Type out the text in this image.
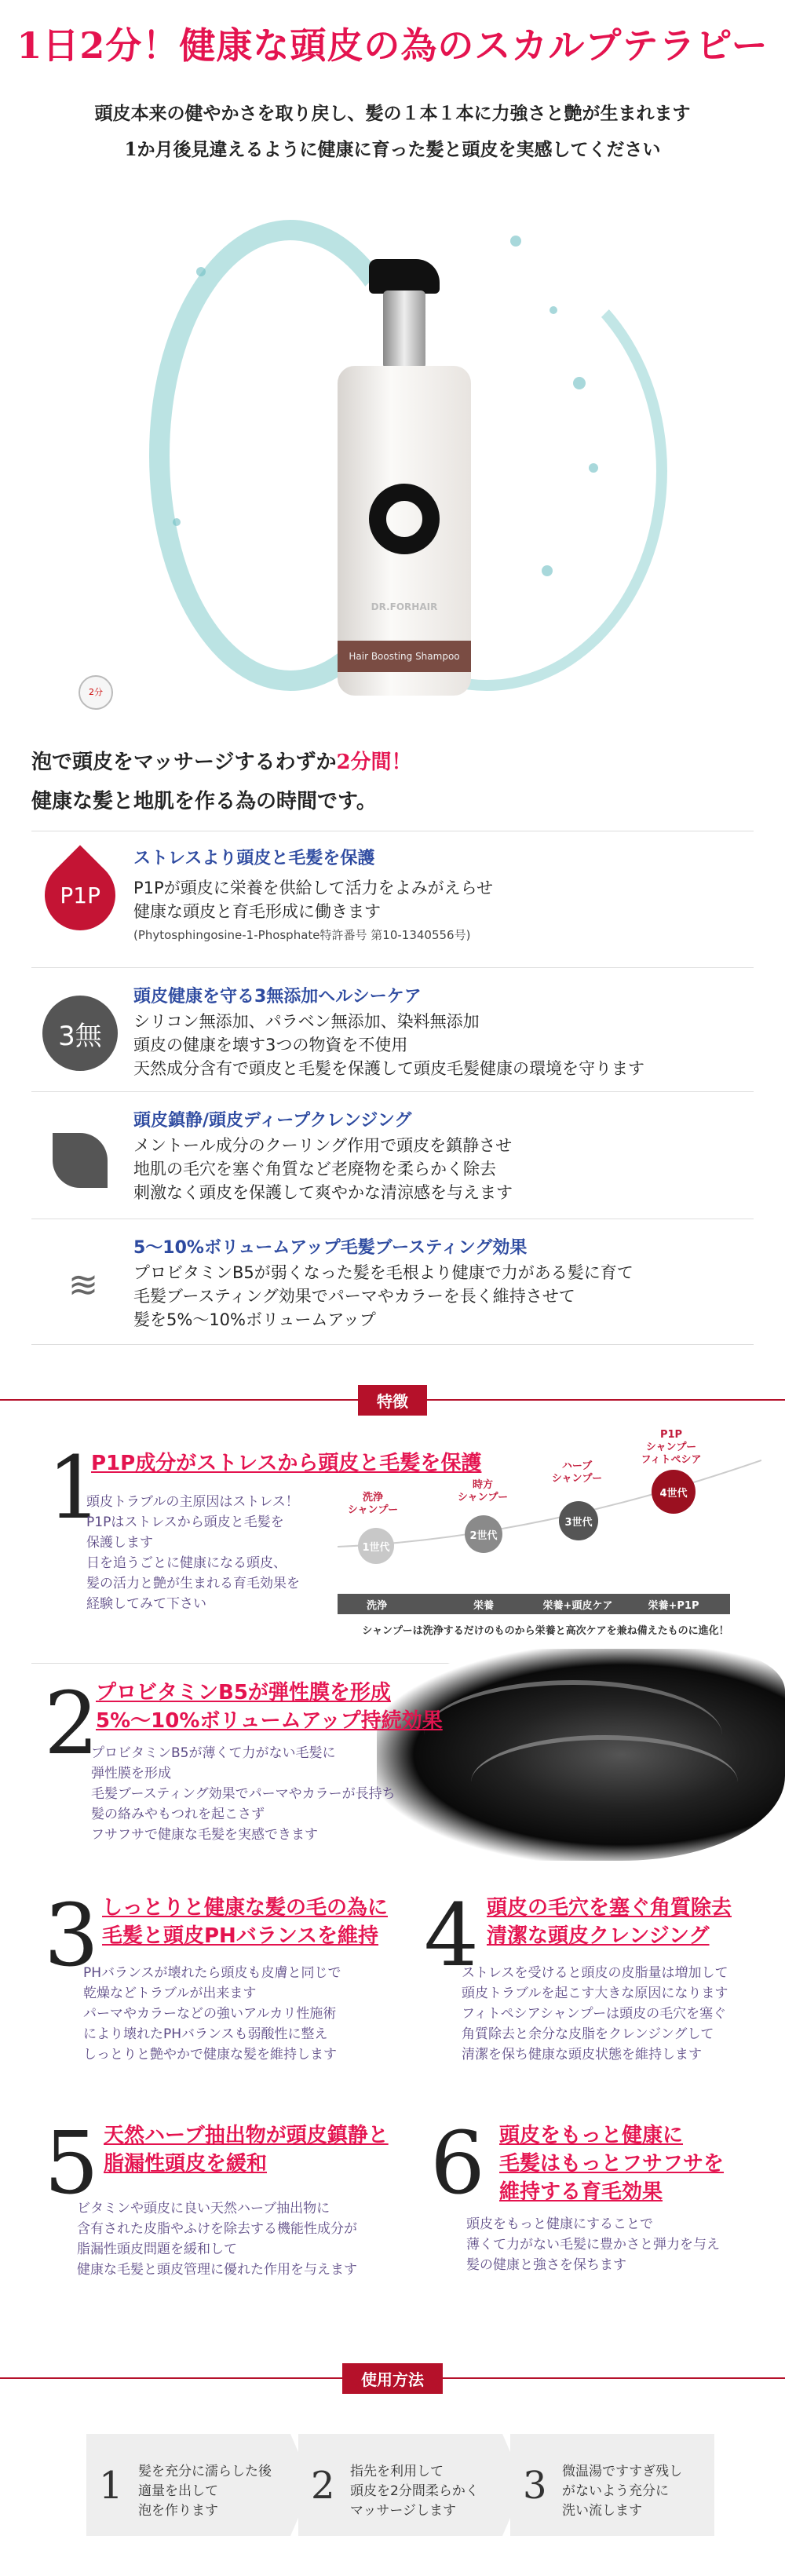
1日2分！健康な頭皮の為のスカルプテラピー
頭皮本来の健やかさを取り戻し、髪の１本１本に力強さと艶が生まれます
1か月後見違えるように健康に育った髪と頭皮を実感してください
DR.FORHAIR
Hair Boosting Shampoo
2分
泡で頭皮をマッサージするわずか2分間！
健康な髪と地肌を作る為の時間です。
P1P
ストレスより頭皮と毛髪を保護
P1Pが頭皮に栄養を供給して活力をよみがえらせ
健康な頭皮と育毛形成に働きます
(Phytosphingosine-1-Phosphate特許番号 第10-1340556号)
3無
頭皮健康を守る3無添加ヘルシーケア
シリコン無添加、パラベン無添加、染料無添加
頭皮の健康を壊す3つの物資を不使用
天然成分含有で頭皮と毛髪を保護して頭皮毛髪健康の環境を守ります
頭皮鎮静/頭皮ディープクレンジング
メントール成分のクーリング作用で頭皮を鎮静させ
地肌の毛穴を塞ぐ角質など老廃物を柔らかく除去
刺激なく頭皮を保護して爽やかな清涼感を与えます
≋
5～10%ボリュームアップ毛髪ブースティング効果
プロビタミンB5が弱くなった髪を毛根より健康で力がある髪に育て
毛髪ブースティング効果でパーマやカラーを長く維持させて
髪を5%～10%ボリュームアップ
特徴
1
P1P成分がストレスから頭皮と毛髪を保護
頭皮トラブルの主原因はストレス！
P1Pはストレスから頭皮と毛髪を
保護します
日を追うごとに健康になる頭皮、
髪の活力と艶が生まれる育毛効果を
経験してみて下さい
洗浄
シャンプー
1世代
時方
シャンプー
2世代
ハーブ
シャンプー
3世代
P1P
シャンプー
フィトペシア
4世代
洗浄	栄養	栄養+頭皮ケア	栄養+P1P
シャンプーは洗浄するだけのものから栄養と高次ケアを兼ね備えたものに進化！
2
プロビタミンB5が弾性膜を形成
5%～10%ボリュームアップ持続効果
プロビタミンB5が薄くて力がない毛髪に
弾性膜を形成
毛髪ブースティング効果でパーマやカラーが長持ち
髪の絡みやもつれを起こさず
フサフサで健康な毛髪を実感できます
3 しっとりと健康な髪の毛の為に
毛髪と頭皮PHバランスを維持
PHバランスが壊れたら頭皮も皮膚と同じで
乾燥などトラブルが出来ます
パーマやカラーなどの強いアルカリ性施術
により壊れたPHバランスも弱酸性に整え
しっとりと艶やかで健康な髪を維持します
4 頭皮の毛穴を塞ぐ角質除去
清潔な頭皮クレンジング
ストレスを受けると頭皮の皮脂量は増加して
頭皮トラブルを起こす大きな原因になります
フィトペシアシャンプーは頭皮の毛穴を塞ぐ
角質除去と余分な皮脂をクレンジングして
清潔を保ち健康な頭皮状態を維持します
5 天然ハーブ抽出物が頭皮鎮静と
脂漏性頭皮を緩和
ビタミンや頭皮に良い天然ハーブ抽出物に
含有された皮脂やふけを除去する機能性成分が
脂漏性頭皮問題を緩和して
健康な毛髪と頭皮管理に優れた作用を与えます
6 頭皮をもっと健康に
毛髪はもっとフサフサを
維持する育毛効果
頭皮をもっと健康にすることで
薄くて力がない毛髪に豊かさと弾力を与え
髪の健康と強さを保ちます
使用方法
1 髪を充分に濡らした後
適量を出して
泡を作ります
2 指先を利用して
頭皮を2分間柔らかく
マッサージします
3 微温湯ですすぎ残し
がないよう充分に
洗い流します
